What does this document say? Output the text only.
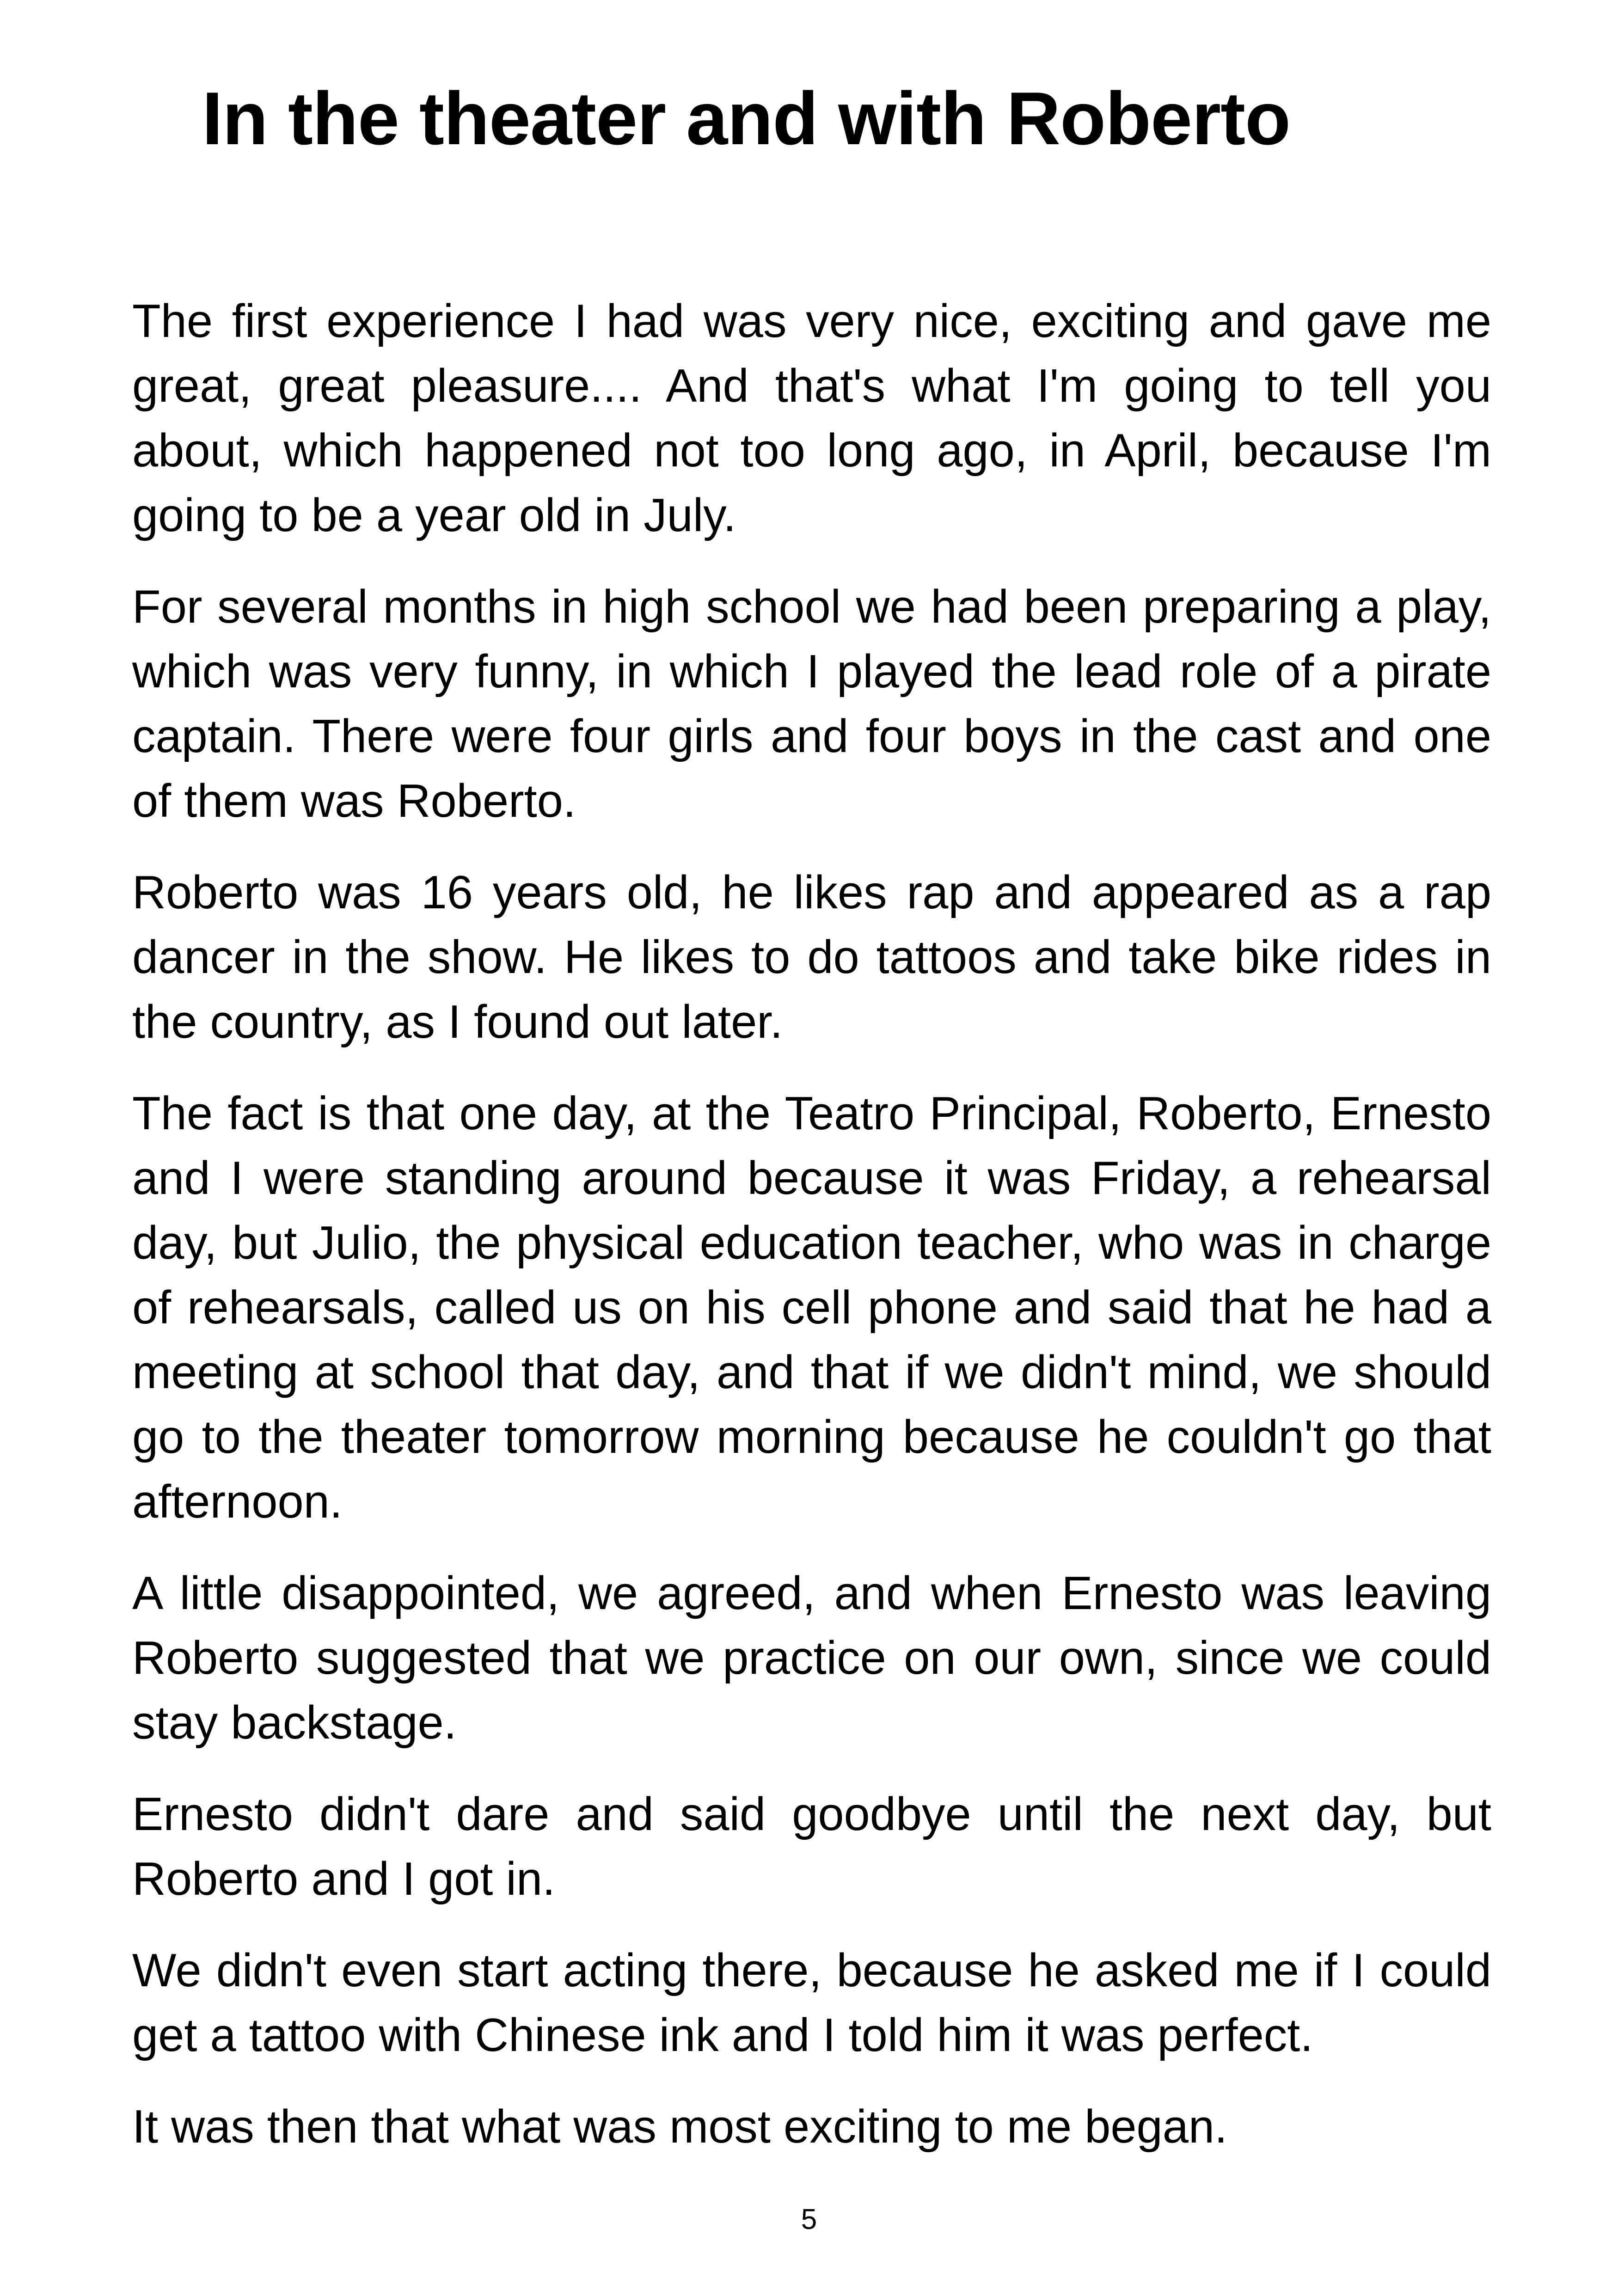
In the theater and with Roberto

The first experience I had was very nice, exciting and gave me great, great pleasure.... And that's what I'm going to tell you about, which happened not too long ago, in April, because I'm going to be a year old in July.

For several months in high school we had been preparing a play, which was very funny, in which I played the lead role of a pirate captain. There were four girls and four boys in the cast and one of them was Roberto.

Roberto was 16 years old, he likes rap and appeared as a rap dancer in the show. He likes to do tattoos and take bike rides in the country, as I found out later.

The fact is that one day, at the Teatro Principal, Roberto, Ernesto and I were standing around because it was Friday, a rehearsal day, but Julio, the physical education teacher, who was in charge of rehearsals, called us on his cell phone and said that he had a meeting at school that day, and that if we didn't mind, we should go to the theater tomorrow morning because he couldn't go that afternoon.

A little disappointed, we agreed, and when Ernesto was leaving Roberto suggested that we practice on our own, since we could stay backstage.

Ernesto didn't dare and said goodbye until the next day, but Roberto and I got in.

We didn't even start acting there, because he asked me if I could get a tattoo with Chinese ink and I told him it was perfect.

It was then that what was most exciting to me began.

5
